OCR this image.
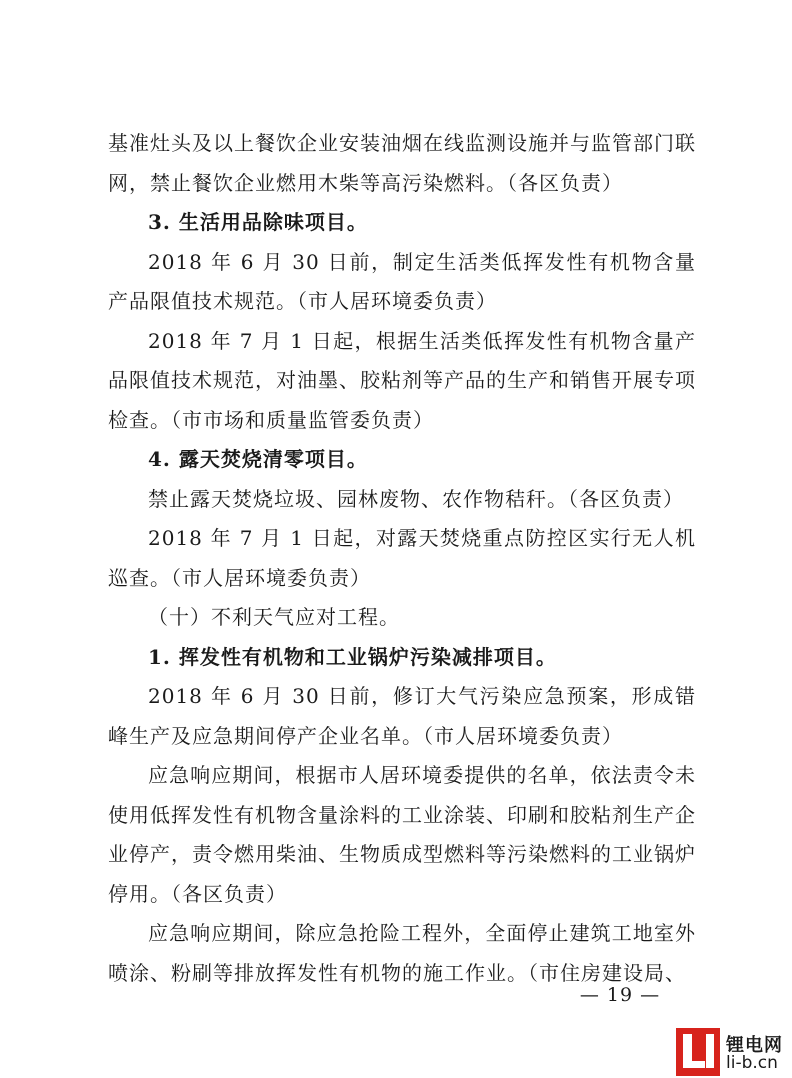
基准灶头及以上餐饮企业安装油烟在线监测设施并与监管部门联网，禁止餐饮企业燃用木柴等高污染燃料。（各区负责）

3. 生活用品除味项目。

2018 年 6 月 30 日前，制定生活类低挥发性有机物含量产品限值技术规范。（市人居环境委负责）

2018 年 7 月 1 日起，根据生活类低挥发性有机物含量产品限值技术规范，对油墨、胶粘剂等产品的生产和销售开展专项检查。（市市场和质量监管委负责）

4. 露天焚烧清零项目。

禁止露天焚烧垃圾、园林废物、农作物秸秆。（各区负责）

2018 年 7 月 1 日起，对露天焚烧重点防控区实行无人机巡查。（市人居环境委负责）

（十）不利天气应对工程。

1. 挥发性有机物和工业锅炉污染减排项目。

2018 年 6 月 30 日前，修订大气污染应急预案，形成错峰生产及应急期间停产企业名单。（市人居环境委负责）

应急响应期间，根据市人居环境委提供的名单，依法责令未使用低挥发性有机物含量涂料的工业涂装、印刷和胶粘剂生产企业停产，责令燃用柴油、生物质成型燃料等污染燃料的工业锅炉停用。（各区负责）

应急响应期间，除应急抢险工程外，全面停止建筑工地室外喷涂、粉刷等排放挥发性有机物的施工作业。（市住房建设局、

— 19 —
锂电网
li-b.cn
